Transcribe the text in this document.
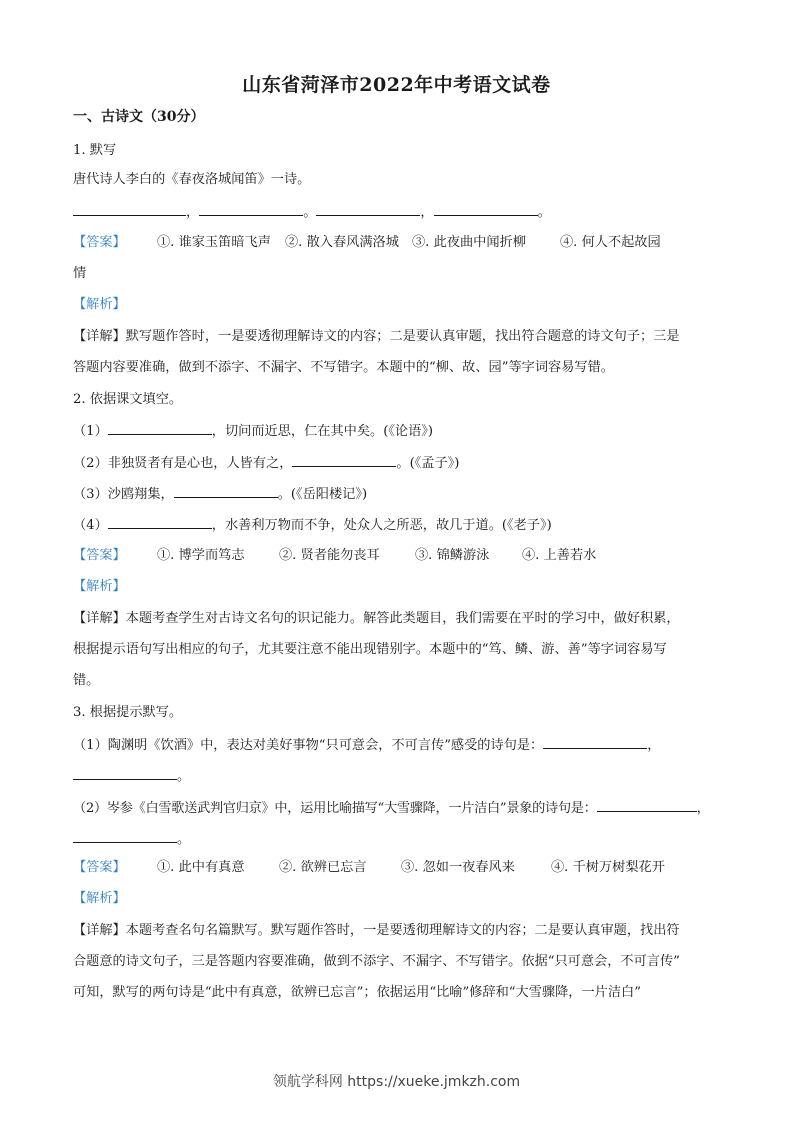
山东省菏泽市2022年中考语文试卷
一、古诗文（30分）
1. 默写
唐代诗人李白的《春夜洛城闻笛》一诗。
，	。	，	。
【答案】 ①. 谁家玉笛暗飞声 ②. 散入春风满洛城 ③. 此夜曲中闻折柳	④. 何人不起故园
情
【解析】
【详解】默写题作答时，一是要透彻理解诗文的内容；二是要认真审题，找出符合题意的诗文句子；三是
答题内容要准确，做到不添字、不漏字、不写错字。本题中的“柳、故、园”等字词容易写错。
2. 依据课文填空。
（1）	，切问而近思，仁在其中矣。(《论语》)
（2）非独贤者有是心也，人皆有之，	。(《孟子》)
（3）沙鸥翔集，	。(《岳阳楼记》)
（4）	，水善利万物而不争，处众人之所恶，故几于道。(《老子》)
【答案】 ①. 博学而笃志	②. 贤者能勿丧耳	③. 锦鳞游泳 ④. 上善若水
【解析】
【详解】本题考查学生对古诗文名句的识记能力。解答此类题目，我们需要在平时的学习中，做好积累，
根据提示语句写出相应的句子，尤其要注意不能出现错别字。本题中的“笃、鳞、游、善”等字词容易写
错。
3. 根据提示默写。
（1）陶渊明《饮酒》中，表达对美好事物“只可意会，不可言传”感受的诗句是：	，
。
（2）岑参《白雪歌送武判官归京》中，运用比喻描写“大雪骤降，一片洁白”景象的诗句是：	，
。
【答案】 ①. 此中有真意	②. 欲辨已忘言	③. 忽如一夜春风来	④. 千树万树梨花开
【解析】
【详解】本题考查名句名篇默写。默写题作答时，一是要透彻理解诗文的内容；二是要认真审题，找出符
合题意的诗文句子，三是答题内容要准确，做到不添字、不漏字、不写错字。依据“只可意会，不可言传”
可知，默写的两句诗是“此中有真意，欲辨已忘言”；依据运用“比喻”修辞和“大雪骤降，一片洁白”
领航学科网 https://xueke.jmkzh.com
